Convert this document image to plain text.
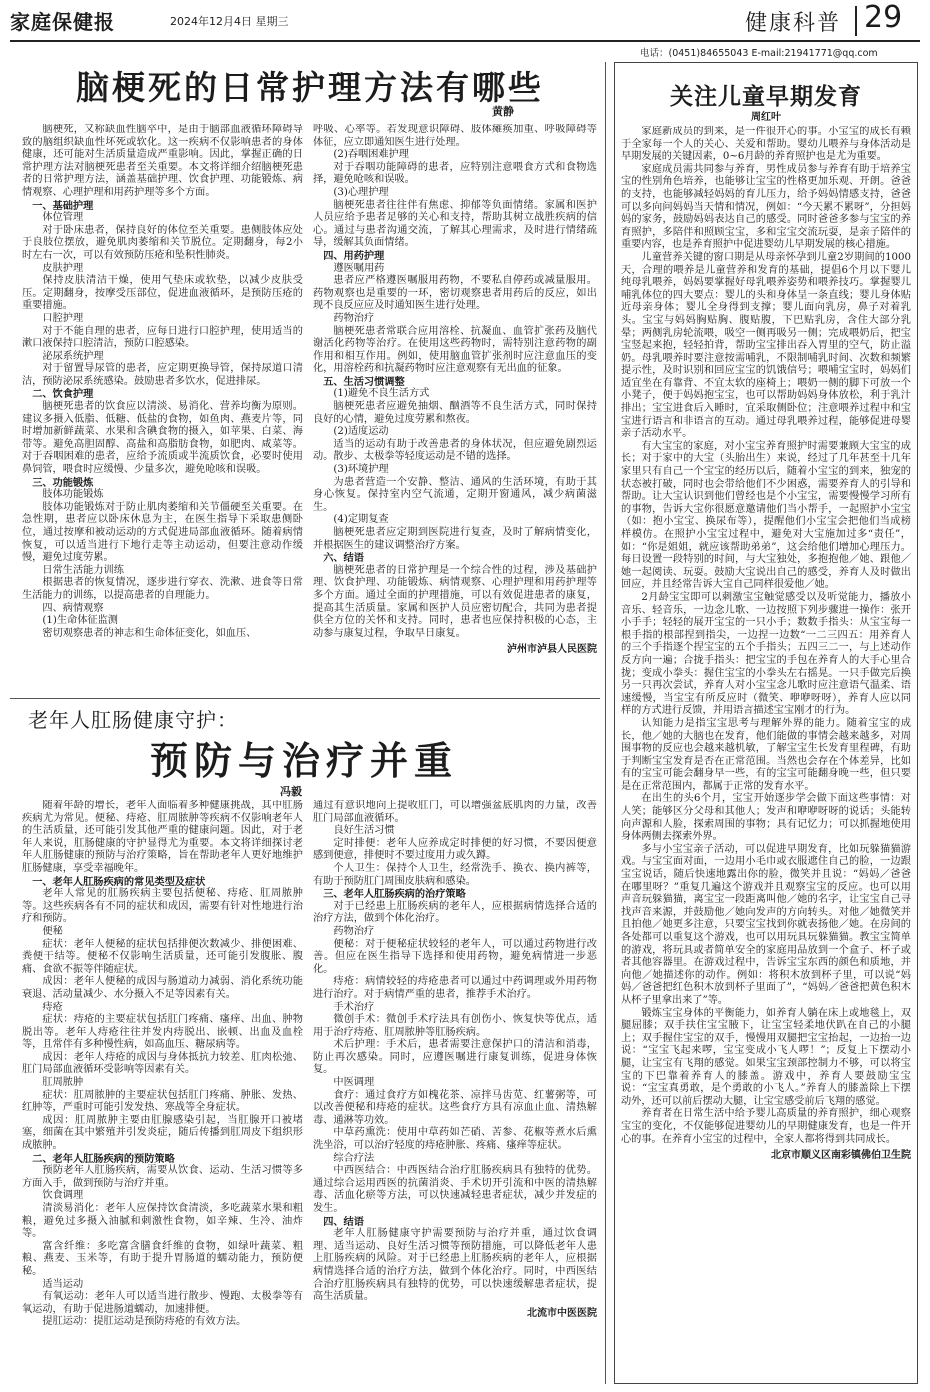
家庭保健报	2024年12月4日 星期三	健康科普 29
电话：(0451)84655043 E-mail:21941771@qq.com
脑梗死的日常护理方法有哪些
黄静

脑梗死，又称缺血性脑卒中，是由于脑部血液循环障碍导致的脑组织缺血性坏死或软化。这一疾病不仅影响患者的身体健康，还可能对生活质量造成严重影响。因此，掌握正确的日常护理方法对脑梗死患者至关重要。本文将详细介绍脑梗死患者的日常护理方法，涵盖基础护理、饮食护理、功能锻炼、病情观察、心理护理和用药护理等多个方面。

一、基础护理

体位管理

对于卧床患者，保持良好的体位至关重要。患侧肢体应处于良肢位摆放，避免肌肉萎缩和关节脱位。定期翻身，每2小时左右一次，可以有效预防压疮和坠积性肺炎。

皮肤护理

保持皮肤清洁干燥，使用气垫床或软垫，以减少皮肤受压。定期翻身，按摩受压部位，促进血液循环，是预防压疮的重要措施。

口腔护理

对于不能自理的患者，应每日进行口腔护理，使用适当的漱口液保持口腔清洁，预防口腔感染。

泌尿系统护理

对于留置导尿管的患者，应定期更换导管，保持尿道口清洁，预防泌尿系统感染。鼓励患者多饮水，促进排尿。

二、饮食护理

脑梗死患者的饮食应以清淡、易消化、营养均衡为原则。建议多摄入低脂、低糖、低盐的食物，如鱼肉、燕麦片等，同时增加新鲜蔬菜、水果和含碘食物的摄入，如苹果、白菜、海带等。避免高胆固醇、高盐和高脂肪食物，如肥肉、咸菜等。对于吞咽困难的患者，应给予流质或半流质饮食，必要时使用鼻饲管，喂食时应缓慢、少量多次，避免呛咳和误吸。

三、功能锻炼

肢体功能锻炼

肢体功能锻炼对于防止肌肉萎缩和关节僵硬至关重要。在急性期，患者应以卧床休息为主，在医生指导下采取患侧卧位，通过按摩和被动运动的方式促进局部血液循环。随着病情恢复，可以适当进行下地行走等主动运动，但要注意动作缓慢，避免过度劳累。

日常生活能力训练

根据患者的恢复情况，逐步进行穿衣、洗漱、进食等日常生活能力的训练，以提高患者的自理能力。

四、病情观察

(1)生命体征监测

密切观察患者的神志和生命体征变化，如血压、

呼吸、心率等。若发现意识障碍、肢体瘫痪加重、呼吸障碍等体征，应立即通知医生进行处理。

(2)吞咽困难护理

对于吞咽功能障碍的患者，应特别注意喂食方式和食物选择，避免呛咳和误吸。

(3)心理护理

脑梗死患者往往伴有焦虑、抑郁等负面情绪。家属和医护人员应给予患者足够的关心和支持，帮助其树立战胜疾病的信心。通过与患者沟通交流，了解其心理需求，及时进行情绪疏导，缓解其负面情绪。

四、用药护理

遵医嘱用药

患者应严格遵医嘱服用药物，不要私自停药或减量服用。药物观察也是重要的一环，密切观察患者用药后的反应，如出现不良反应应及时通知医生进行处理。

药物治疗

脑梗死患者常联合应用溶栓、抗凝血、血管扩张药及脑代谢活化药物等治疗。在使用这些药物时，需特别注意药物的副作用和相互作用。例如，使用脑血管扩张剂时应注意血压的变化，用溶栓药和抗凝药物时应注意观察有无出血的征象。

五、生活习惯调整

(1)避免不良生活方式

脑梗死患者应避免抽烟、酗酒等不良生活方式，同时保持良好的心情，避免过度劳累和熬夜。

(2)适度运动

适当的运动有助于改善患者的身体状况，但应避免剧烈运动。散步、太极拳等轻度运动是不错的选择。

(3)环境护理

为患者营造一个安静、整洁、通风的生活环境，有助于其身心恢复。保持室内空气流通，定期开窗通风，减少病菌滋生。

(4)定期复查

脑梗死患者应定期到医院进行复查，及时了解病情变化，并根据医生的建议调整治疗方案。

六、结语

脑梗死患者的日常护理是一个综合性的过程，涉及基础护理、饮食护理、功能锻炼、病情观察、心理护理和用药护理等多个方面。通过全面的护理措施，可以有效促进患者的康复，提高其生活质量。家属和医护人员应密切配合，共同为患者提供全方位的关怀和支持。同时，患者也应保持积极的心态，主动参与康复过程，争取早日康复。

泸州市泸县人民医院

老年人肛肠健康守护：
预防与治疗并重
冯毅

随着年龄的增长，老年人面临着多种健康挑战，其中肛肠疾病尤为常见。便秘、痔疮、肛周脓肿等疾病不仅影响老年人的生活质量，还可能引发其他严重的健康问题。因此，对于老年人来说，肛肠健康的守护显得尤为重要。本文将详细探讨老年人肛肠健康的预防与治疗策略，旨在帮助老年人更好地维护肛肠健康，享受幸福晚年。

一、老年人肛肠疾病的常见类型及症状

老年人常见的肛肠疾病主要包括便秘、痔疮、肛周脓肿等。这些疾病各有不同的症状和成因，需要有针对性地进行治疗和预防。

便秘

症状：老年人便秘的症状包括排便次数减少、排便困难、粪便干结等。便秘不仅影响生活质量，还可能引发腹胀、腹痛、食欲不振等伴随症状。

成因：老年人便秘的成因与肠道动力减弱、消化系统功能衰退、活动量减少、水分摄入不足等因素有关。

痔疮

症状：痔疮的主要症状包括肛门疼痛、瘙痒、出血、肿物脱出等。老年人痔疮往往并发内痔脱出、嵌顿、出血及血栓等，且常伴有多种慢性病，如高血压、糖尿病等。

成因：老年人痔疮的成因与身体抵抗力较差、肛肉松弛、肛门局部血液循环受影响等因素有关。

肛周脓肿

症状：肛周脓肿的主要症状包括肛门疼痛、肿胀、发热、红肿等，严重时可能引发发热、寒战等全身症状。

成因：肛周脓肿主要由肛腺感染引起，当肛腺开口被堵塞，细菌在其中繁殖并引发炎症，随后传播到肛周皮下组织形成脓肿。

二、老年人肛肠疾病的预防策略

预防老年人肛肠疾病，需要从饮食、运动、生活习惯等多方面入手，做到预防与治疗并重。

饮食调理

清淡易消化：老年人应保持饮食清淡，多吃蔬菜水果和粗粮，避免过多摄入油腻和刺激性食物，如辛辣、生冷、油炸等。

富含纤维：多吃富含膳食纤维的食物，如绿叶蔬菜、粗粮、燕麦、玉米等，有助于提升胃肠道的蠕动能力，预防便秘。

适当运动

有氧运动：老年人可以适当进行散步、慢跑、太极拳等有氧运动，有助于促进肠道蠕动，加速排便。

提肛运动：提肛运动是预防痔疮的有效方法。

通过有意识地向上提收肛门，可以增强盆底肌肉的力量，改善肛门局部血液循环。

良好生活习惯

定时排便：老年人应养成定时排便的好习惯，不要因便意感到便意，排便时不要过度用力或久蹲。

个人卫生：保持个人卫生，经常洗手、换衣、换内裤等，有助于预防肛门周围皮肤病和感染。

三、老年人肛肠疾病的治疗策略

对于已经患上肛肠疾病的老年人，应根据病情选择合适的治疗方法，做到个体化治疗。

药物治疗

便秘：对于便秘症状较轻的老年人，可以通过药物进行改善。但应在医生指导下选择和使用药物，避免病情进一步恶化。

痔疮：病情较轻的痔疮患者可以通过中药调理或外用药物进行治疗。对于病情严重的患者，推荐手术治疗。

手术治疗

微创手术：微创手术疗法具有创伤小、恢复快等优点，适用于治疗痔疮、肛周脓肿等肛肠疾病。

术后护理：手术后，患者需要注意保护口的清洁和消毒，防止再次感染。同时，应遵医嘱进行康复训练，促进身体恢复。

中医调理

食疗：通过食疗方如槐花茶、凉拌马齿苋、红薯粥等，可以改善便秘和痔疮的症状。这些食疗方具有凉血止血、清热解毒、通淋等功效。

中草药熏洗：使用中草药如芒硝、苦参、花椒等煮水后熏洗坐浴，可以治疗轻度的痔疮肿胀、疼痛、瘙痒等症状。

综合疗法

中西医结合：中西医结合治疗肛肠疾病具有独特的优势。通过综合运用西医的抗菌消炎、手术切开引流和中医的清热解毒、活血化瘀等方法，可以快速减轻患者症状，减少并发症的发生。

四、结语

老年人肛肠健康守护需要预防与治疗并重，通过饮食调理、适当运动、良好生活习惯等预防措施，可以降低老年人患上肛肠疾病的风险。对于已经患上肛肠疾病的老年人，应根据病情选择合适的治疗方法，做到个体化治疗。同时，中西医结合治疗肛肠疾病具有独特的优势，可以快速缓解患者症状，提高生活质量。

北流市中医医院

关注儿童早期发育
周红叶

家庭新成员的到来，是一件很开心的事。小宝宝的成长有赖于全家每一个人的关心、关爱和帮助。婴幼儿喂养与身体活动是早期发展的关键因素，0~6月龄的养育照护也是尤为重要。

家庭成员需共同参与养育，男性成员参与养育有助于培养宝宝的性别角色培养，也能够让宝宝的性格更加乐观、开朗。爸爸的支持，也能够减轻妈妈的育儿压力，给予妈妈情感支持，爸爸可以多向问妈妈当天情和情况，例如：“今天累不累呀”，分担妈妈的家务，鼓励妈妈表达自己的感受。同时爸爸多参与宝宝的养育照护，多陪伴和照顾宝宝，多和宝宝交流玩耍，是亲子陪伴的重要内容，也是养育照护中促进婴幼儿早期发展的核心措施。

儿童营养关键的窗口期是从母亲怀孕到儿童2岁期间的1000天，合理的喂养是儿童营养和发育的基础，提倡6个月以下婴儿纯母乳喂养，妈妈要掌握好母乳喂养姿势和喂养技巧。掌握婴儿哺乳体位的四大要点：婴儿的头和身体呈一条直线；婴儿身体贴近母亲身体；婴儿全身得到支撑；婴儿面向乳房，鼻子对着乳头。宝宝与妈妈胸贴胸、腹贴腹，下巴贴乳房，含住大部分乳晕；两侧乳房轮流喂，吸空一侧再吸另一侧；完成喂奶后，把宝宝竖起来抱，轻轻拍背，帮助宝宝排出吞入胃里的空气，防止溢奶。母乳喂养时要注意按需哺乳，不限制哺乳时间、次数和频繁提示性，及时识别和回应宝宝的饥饿信号；喂哺宝宝时，妈妈们适宜坐在有靠背、不宜太软的座椅上；喂奶一侧的脚下可放一个小凳子，便于妈妈抱宝宝，也可以帮助妈妈身体放松，利于乳汁排出；宝宝进食后入睡时，宜采取侧卧位；注意喂养过程中和宝宝进行语言和非语言的互动。通过母乳喂养过程，能够促进母婴亲子活动水平。

有大宝宝的家庭，对小宝宝养育照护时需要兼顾大宝宝的成长；对于家中的大宝（头胎出生）来说，经过了几年甚至十几年家里只有自己一个宝宝的经历以后，随着小宝宝的到来，独宠的状态被打破，同时也会带给他们不少困惑，需要养育人的引导和帮助。让大宝认识到他们曾经也是个小宝宝，需要慢慢学习所有的事物，告诉大宝你很愿意邀请他们当小帮手，一起照护小宝宝（如：抱小宝宝、换尿布等），提醒他们小宝宝会把他们当成榜样模仿。在照护小宝宝过程中，避免对大宝施加过多“责任”，如：“你是姐姐，就应该帮助弟弟”，这会给他们增加心理压力。每日设置一段特别的时间，与大宝独处，多抱抱他／她、跟他／她一起阅读、玩耍。鼓励大宝说出自己的感受，养育人及时做出回应，并且经常告诉大宝自己同样很爱他／她。

2月龄宝宝即可以刺激宝宝触觉感受以及听觉能力，播放小音乐、轻音乐，一边念儿歌、一边按照下列步骤进一操作：张开小手手；轻轻的展开宝宝的一只小手；数数手指头：从宝宝每一根手指的根部捏到指尖，一边捏一边数“一二三四五：用养育人的三个手指逐个捏宝宝的五个手指头；五四三二一，与上述动作反方向一遍；合拢手指头：把宝宝的手包在养育人的大手心里合拢；变成小拳头：握住宝宝的小拳头左右摇晃。一只手做完后换另一只再次尝试，养育人对小宝宝念儿歌时应注意语气温柔、语速缓慢，当宝宝有所反应时（微笑、咿咿呀呀），养育人应以同样的方式进行反馈，并用语言描述宝宝刚才的行为。

认知能力是指宝宝思考与理解外界的能力。随着宝宝的成长，他／她的大脑也在发育，他们能做的事情会越来越多，对周围事物的反应也会越来越机敏，了解宝宝生长发育里程碑，有助于判断宝宝发育是否在正常范围。当然也会存在个体差异，比如有的宝宝可能会翻身早一些，有的宝宝可能翻身晚一些，但只要是在正常范围内，都属于正常的发育水平。

在出生的头6个月，宝宝开始逐步学会做下面这些事情：对人笑；能够区分父母和其他人；发声和咿咿呀呀的说话；头能转向声源和人脸，探索周围的事物；具有记忆力；可以抓握地使用身体两侧去探索外界。

多与小宝宝亲子活动，可以促进早期发育，比如玩躲猫猫游戏。与宝宝面对面，一边用小毛巾或衣服遮住自己的脸，一边跟宝宝说话，随后快速地露出你的脸，微笑并且说：“妈妈／爸爸在哪里呀？”重复几遍这个游戏并且观察宝宝的反应。也可以用声音玩躲猫猫，离宝宝一段距离叫他／她的名字，让宝宝自己寻找声音来源，并鼓励他／她向发声的方向转头。对他／她微笑并且拍他／她更多注意，只要宝宝找到你就表扬他／她。在房间的各处都可以重复这个游戏，也可以用玩具玩躲猫猫。教宝宝简单的游戏，将玩具或者简单安全的家庭用品放到一个盒子、杯子或者其他容器里。在游戏过程中，告诉宝宝东西的颜色和质地，并向他／她描述你的动作。例如：将积木放到杯子里，可以说“妈妈／爸爸把红色积木放到杯子里面了”，“妈妈／爸爸把黄色积木从杯子里拿出来了”等。

锻炼宝宝身体的平衡能力，如养育人躺在床上或地毯上，双腿屈膝；双手扶住宝宝腋下，让宝宝轻柔地伏趴在自己的小腿上；双手握住宝宝的双手，慢慢用双腿把宝宝抬起，一边抬一边说：“宝宝飞起来啰，宝宝变成小飞人啰！”；反复上下摆动小腿，让宝宝有飞翔的感觉。如果宝宝颈部控制力不够，可以将宝宝的下巴靠着养育人的膝盖。游戏中，养育人要鼓励宝宝说：“宝宝真勇敢，是个勇敢的小飞人。”养育人的膝盖除上下摆动外，还可以前后摆动大腿，让宝宝感受前后飞翔的感觉。

养育者在日常生活中给予婴儿高质量的养育照护，细心观察宝宝的变化，不仅能够促进婴幼儿的早期健康发育，也是一件开心的事。在养育小宝宝的过程中，全家人都将得到共同成长。

北京市顺义区南彩镇佛伯卫生院
